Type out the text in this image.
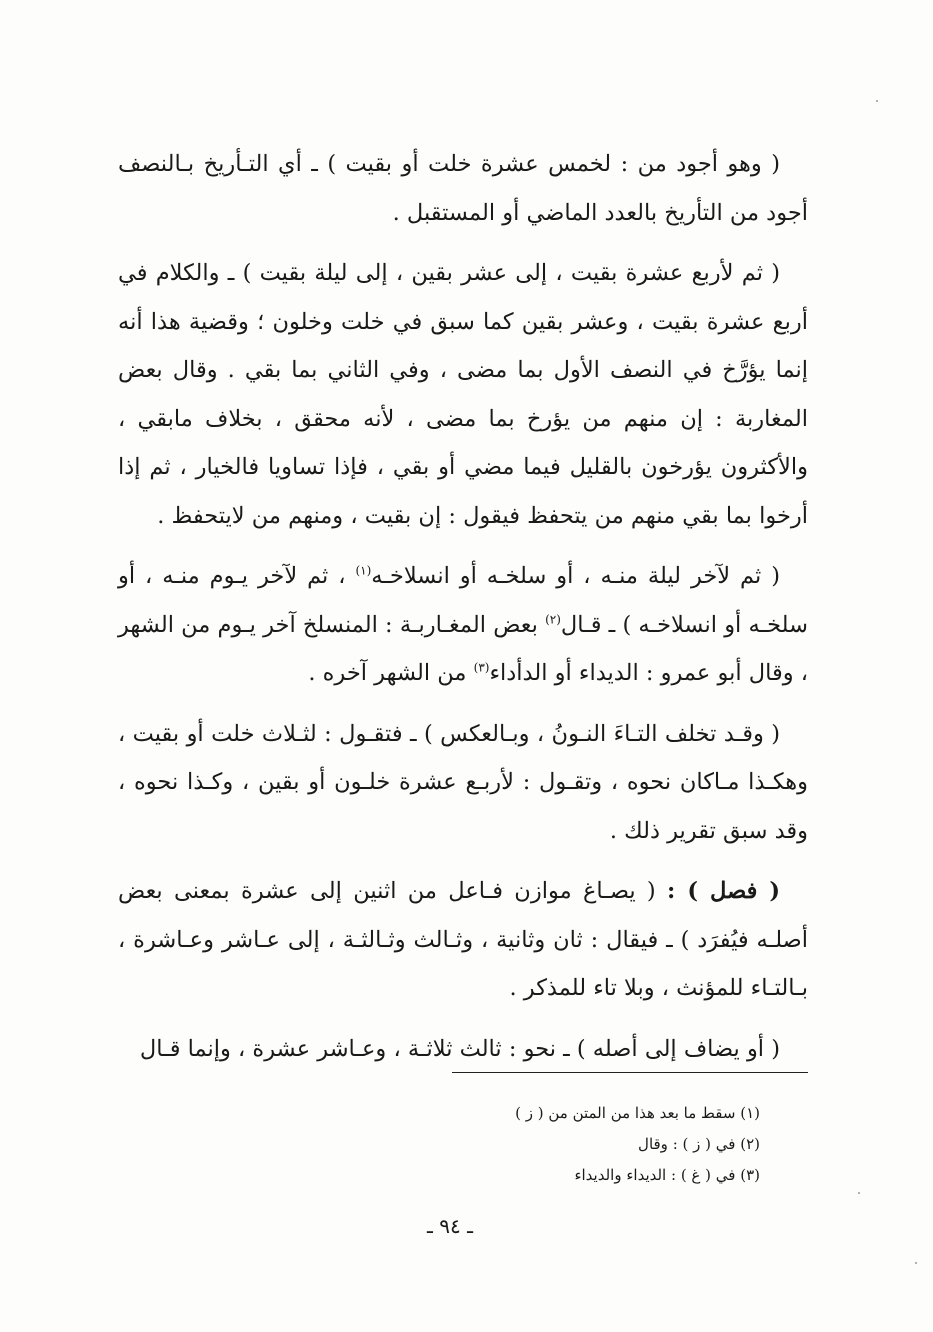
( وهو أجود من : لخمس عشرة خلت أو بقيت ) ـ أي التـأريخ بـالنصف أجود من التأريخ بالعدد الماضي أو المستقبل .

( ثم لأربع عشرة بقيت ، إلى عشر بقين ، إلى ليلة بقيت ) ـ والكلام في أربع عشرة بقيت ، وعشر بقين كما سبق في خلت وخلون ؛ وقضية هذا أنه إنما يؤرَّخ في النصف الأول بما مضى ، وفي الثاني بما بقي . وقال بعض المغاربة : إن منهم من يؤرخ بما مضى ، لأنه محقق ، بخلاف مابقي ، والأكثرون يؤرخون بالقليل فيما مضي أو بقي ، فإذا تساويا فالخيار ، ثم إذا أرخوا بما بقي منهم من يتحفظ فيقول : إن بقيت ، ومنهم من لايتحفظ .

( ثم لآخر ليلة منـه ، أو سلخـه أو انسلاخـه$^{(١)}$ ، ثم لآخر يـوم منـه ، أو سلخـه أو انسلاخـه ) ـ قـال$^{(٢)}$ بعض المغـاربـة : المنسلخ آخر يـوم من الشهر ، وقال أبو عمرو : الديداء أو الدأداء$^{(٣)}$ من الشهر آخره .

( وقـد تخلف التـاءَ النـونُ ، وبـالعكس ) ـ فتقـول : لثـلاث خلت أو بقيت ، وهكـذا مـاكان نحوه ، وتقـول : لأربـع عشرة خلـون أو بقين ، وكـذا نحوه ، وقد سبق تقرير ذلك .

( فصل ) : ( يصـاغ موازن فـاعل من اثنين إلى عشرة بمعنى بعض أصلـه فيُفرَد ) ـ فيقال : ثان وثانية ، وثـالث وثـالثـة ، إلى عـاشر وعـاشرة ، بـالتـاء للمؤنث ، وبلا تاء للمذكر .

( أو يضاف إلى أصله ) ـ نحو : ثالث ثلاثـة ، وعـاشر عشرة ، وإنما قـال

(١) سقط ما بعد هذا من المتن من ( ز )

(٢) في ( ز ) : وقال

(٣) في ( غ ) : الديداء والديداء

ـ ٩٤ ـ
